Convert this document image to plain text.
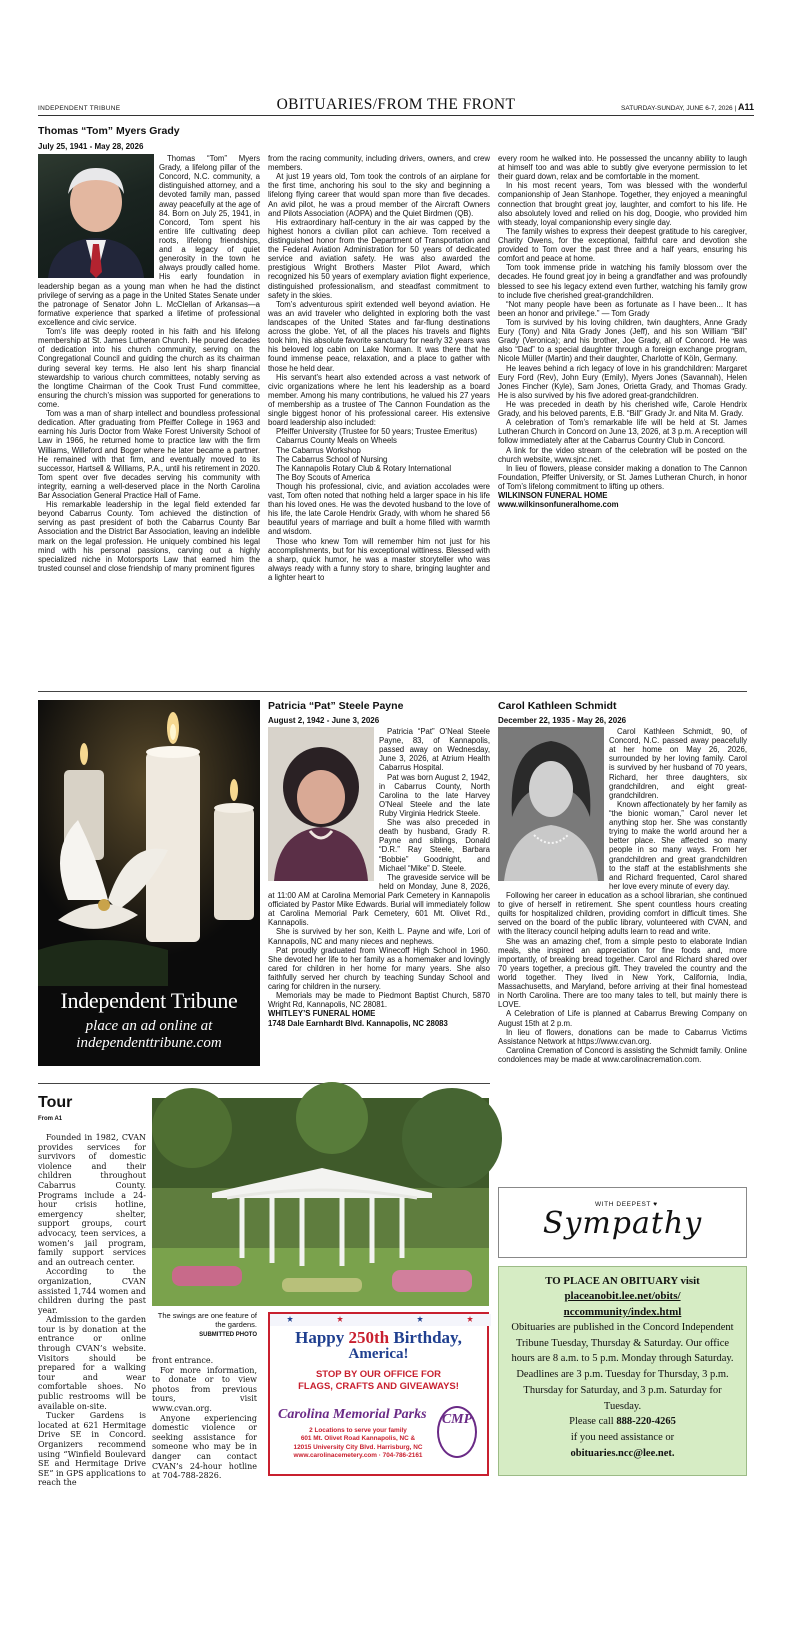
INDEPENDENT TRIBUNE	OBITUARIES/FROM THE FRONT	SATURDAY-SUNDAY, JUNE 6-7, 2026 | A11
Thomas “Tom” Myers Grady
July 25, 1941 - May 28, 2026

Thomas “Tom” Myers Grady, a lifelong pillar of the Concord, N.C. community, a distinguished attorney, and a devoted family man, passed away peacefully at the age of 84. Born on July 25, 1941, in Concord, Tom spent his entire life cultivating deep roots, lifelong friendships, and a legacy of quiet generosity in the town he always proudly called home. His early foundation in leadership began as a young man when he had the distinct privilege of serving as a page in the United States Senate under the patronage of Senator John L. McClellan of Arkansas—a formative experience that sparked a lifetime of professional excellence and civic service.

Tom’s life was deeply rooted in his faith and his lifelong membership at St. James Lutheran Church. He poured decades of dedication into his church community, serving on the Congregational Council and guiding the church as its chairman during several key terms. He also lent his sharp financial stewardship to various church committees, notably serving as the longtime Chairman of the Cook Trust Fund committee, ensuring the church’s mission was supported for generations to come.

Tom was a man of sharp intellect and boundless professional dedication. After graduating from Pfeiffer College in 1963 and earning his Juris Doctor from Wake Forest University School of Law in 1966, he returned home to practice law with the firm Williams, Willeford and Boger where he later became a partner. He remained with that firm, and eventually moved to its successor, Hartsell & Williams, P.A., until his retirement in 2020. Tom spent over five decades serving his community with integrity, earning a well-deserved place in the North Carolina Bar Association General Practice Hall of Fame.

His remarkable leadership in the legal field extended far beyond Cabarrus County. Tom achieved the distinction of serving as past president of both the Cabarrus County Bar Association and the District Bar Association, leaving an indelible mark on the legal profession. He uniquely combined his legal mind with his personal passions, carving out a highly specialized niche in Motorsports Law that earned him the trusted counsel and close friendship of many prominent figures

from the racing community, including drivers, owners, and crew members.

At just 19 years old, Tom took the controls of an airplane for the first time, anchoring his soul to the sky and beginning a lifelong flying career that would span more than five decades. An avid pilot, he was a proud member of the Aircraft Owners and Pilots Association (AOPA) and the Quiet Birdmen (QB).

His extraordinary half-century in the air was capped by the highest honors a civilian pilot can achieve. Tom received a distinguished honor from the Department of Transportation and the Federal Aviation Administration for 50 years of dedicated service and aviation safety. He was also awarded the prestigious Wright Brothers Master Pilot Award, which recognized his 50 years of exemplary aviation flight experience, distinguished professionalism, and steadfast commitment to safety in the skies.

Tom’s adventurous spirit extended well beyond aviation. He was an avid traveler who delighted in exploring both the vast landscapes of the United States and far-flung destinations across the globe. Yet, of all the places his travels and flights took him, his absolute favorite sanctuary for nearly 32 years was his beloved log cabin on Lake Norman. It was there that he found immense peace, relaxation, and a place to gather with those he held dear.

His servant’s heart also extended across a vast network of civic organizations where he lent his leadership as a board member. Among his many contributions, he valued his 27 years of membership as a trustee of The Cannon Foundation as the single biggest honor of his professional career. His extensive board leadership also included:

Pfeiffer University (Trustee for 50 years; Trustee Emeritus)

Cabarrus County Meals on Wheels

The Cabarrus Workshop

The Cabarrus School of Nursing

The Kannapolis Rotary Club & Rotary International

The Boy Scouts of America

Though his professional, civic, and aviation accolades were vast, Tom often noted that nothing held a larger space in his life than his loved ones. He was the devoted husband to the love of his life, the late Carole Hendrix Grady, with whom he shared 56 beautiful years of marriage and built a home filled with warmth and wisdom.

Those who knew Tom will remember him not just for his accomplishments, but for his exceptional wittiness. Blessed with a sharp, quick humor, he was a master storyteller who was always ready with a funny story to share, bringing laughter and a lighter heart to

every room he walked into. He possessed the uncanny ability to laugh at himself too and was able to subtly give everyone permission to let their guard down, relax and be comfortable in the moment.

In his most recent years, Tom was blessed with the wonderful companionship of Jean Stanhope. Together, they enjoyed a meaningful connection that brought great joy, laughter, and comfort to his life. He also absolutely loved and relied on his dog, Doogie, who provided him with steady, loyal companionship every single day.

The family wishes to express their deepest gratitude to his caregiver, Charity Owens, for the exceptional, faithful care and devotion she provided to Tom over the past three and a half years, ensuring his comfort and peace at home.

Tom took immense pride in watching his family blossom over the decades. He found great joy in being a grandfather and was profoundly blessed to see his legacy extend even further, watching his family grow to include five cherished great-grandchildren.

“Not many people have been as fortunate as I have been... It has been an honor and privilege.” — Tom Grady

Tom is survived by his loving children, twin daughters, Anne Grady Eury (Tony) and Nita Grady Jones (Jeff), and his son William “Bill” Grady (Veronica); and his brother, Joe Grady, all of Concord. He was also “Dad” to a special daughter through a foreign exchange program, Nicole Müller (Martin) and their daughter, Charlotte of Köln, Germany.

He leaves behind a rich legacy of love in his grandchildren: Margaret Eury Ford (Rev), John Eury (Emily), Myers Jones (Savannah), Helen Jones Fincher (Kyle), Sam Jones, Orietta Grady, and Thomas Grady. He is also survived by his five adored great-grandchildren.

He was preceded in death by his cherished wife, Carole Hendrix Grady, and his beloved parents, E.B. “Bill” Grady Jr. and Nita M. Grady.

A celebration of Tom’s remarkable life will be held at St. James Lutheran Church in Concord on June 13, 2026, at 3 p.m. A reception will follow immediately after at the Cabarrus Country Club in Concord.

A link for the video stream of the celebration will be posted on the church website, www.sjnc.net.

In lieu of flowers, please consider making a donation to The Cannon Foundation, Pfeiffer University, or St. James Lutheran Church, in honor of Tom’s lifelong commitment to lifting up others.

WILKINSON FUNERAL HOME

www.wilkinsonfuneralhome.com

Independent Tribune
place an ad online at
independenttribune.com
Patricia “Pat” Steele Payne
August 2, 1942 - June 3, 2026

Patricia “Pat” O’Neal Steele Payne, 83, of Kannapolis, passed away on Wednesday, June 3, 2026, at Atrium Health Cabarrus Hospital.

Pat was born August 2, 1942, in Cabarrus County, North Carolina to the late Harvey O’Neal Steele and the late Ruby Virginia Hedrick Steele.

She was also preceded in death by husband, Grady R. Payne and siblings, Donald “D.R.” Ray Steele, Barbara “Bobbie” Goodnight, and Michael “Mike” D. Steele.

The graveside service will be held on Monday, June 8, 2026, at 11:00 AM at Carolina Memorial Park Cemetery in Kannapolis officiated by Pastor Mike Edwards. Burial will immediately follow at Carolina Memorial Park Cemetery, 601 Mt. Olivet Rd., Kannapolis.

She is survived by her son, Keith L. Payne and wife, Lori of Kannapolis, NC and many nieces and nephews.

Pat proudly graduated from Winecoff High School in 1960. She devoted her life to her family as a homemaker and lovingly cared for children in her home for many years. She also faithfully served her church by teaching Sunday School and caring for children in the nursery.

Memorials may be made to Piedmont Baptist Church, 5870 Wright Rd, Kannapolis, NC 28081.

WHITLEY’S FUNERAL HOME

1748 Dale Earnhardt Blvd. Kannapolis, NC 28083

Carol Kathleen Schmidt
December 22, 1935 - May 26, 2026

Carol Kathleen Schmidt, 90, of Concord, N.C. passed away peacefully at her home on May 26, 2026, surrounded by her loving family. Carol is survived by her husband of 70 years, Richard, her three daughters, six grandchildren, and eight great-grandchildren.

Known affectionately by her family as “the bionic woman,” Carol never let anything stop her. She was constantly trying to make the world around her a better place. She affected so many people in so many ways. From her grandchildren and great grandchildren to the staff at the establishments she and Richard frequented, Carol shared her love every minute of every day.

Following her career in education as a school librarian, she continued to give of herself in retirement. She spent countless hours creating quilts for hospitalized children, providing comfort in difficult times. She served on the board of the public library, volunteered with CVAN, and with the literacy council helping adults learn to read and write.

She was an amazing chef, from a simple pesto to elaborate Indian meals, she inspired an appreciation for fine foods and, more importantly, of breaking bread together. Carol and Richard shared over 70 years together, a precious gift. They traveled the country and the world together. They lived in New York, California, India, Massachusetts, and Maryland, before arriving at their final homestead in North Carolina. There are too many tales to tell, but mainly there is LOVE.

A Celebration of Life is planned at Cabarrus Brewing Company on August 15th at 2 p.m.

In lieu of flowers, donations can be made to Cabarrus Victims Assistance Network at https://www.cvan.org.

Carolina Cremation of Concord is assisting the Schmidt family. Online condolences may be made at www.carolinacremation.com.

Tour
From A1

Founded in 1982, CVAN provides services for survivors of domestic violence and their children throughout Cabarrus County. Programs include a 24-hour crisis hotline, emergency shelter, support groups, court advocacy, teen services, a women’s jail program, family support services and an outreach center.

According to the organization, CVAN assisted 1,744 women and children during the past year.

Admission to the garden tour is by donation at the entrance or online through CVAN’s website. Visitors should be prepared for a walking tour and wear comfortable shoes. No public restrooms will be available on-site.

Tucker Gardens is located at 621 Hermitage Drive SE in Concord. Organizers recommend using “Winfield Boulevard SE and Hermitage Drive SE” in GPS applications to reach the

The swings are one feature of the gardens.
SUBMITTED PHOTO

front entrance.

For more information, to donate or to view photos from previous tours, visit www.cvan.org.

Anyone experiencing domestic violence or seeking assistance for someone who may be in danger can contact CVAN’s 24-hour hotline at 704-788-2826.

Happy 250th Birthday,
America!
STOP BY OUR OFFICE FOR
FLAGS, CRAFTS AND GIVEAWAYS!
Carolina Memorial Parks
2 Locations to serve your family
601 Mt. Olivet Road Kannapolis, NC &
12015 University City Blvd. Harrisburg, NC
www.carolinacemetery.com · 704-786-2161
CMP
WITH DEEPEST ♥
Sympathy
TO PLACE AN OBITUARY visit
placeanobit.lee.net/obits/
nccommunity/index.html
Obituaries are published in the Concord Independent Tribune Tuesday, Thursday & Saturday. Our office hours are 8 a.m. to 5 p.m. Monday through Saturday.
Deadlines are 3 p.m. Tuesday for Thursday, 3 p.m. Thursday for Saturday, and 3 p.m. Saturday for Tuesday.
Please call 888-220-4265
if you need assistance or
obituaries.ncc@lee.net.
